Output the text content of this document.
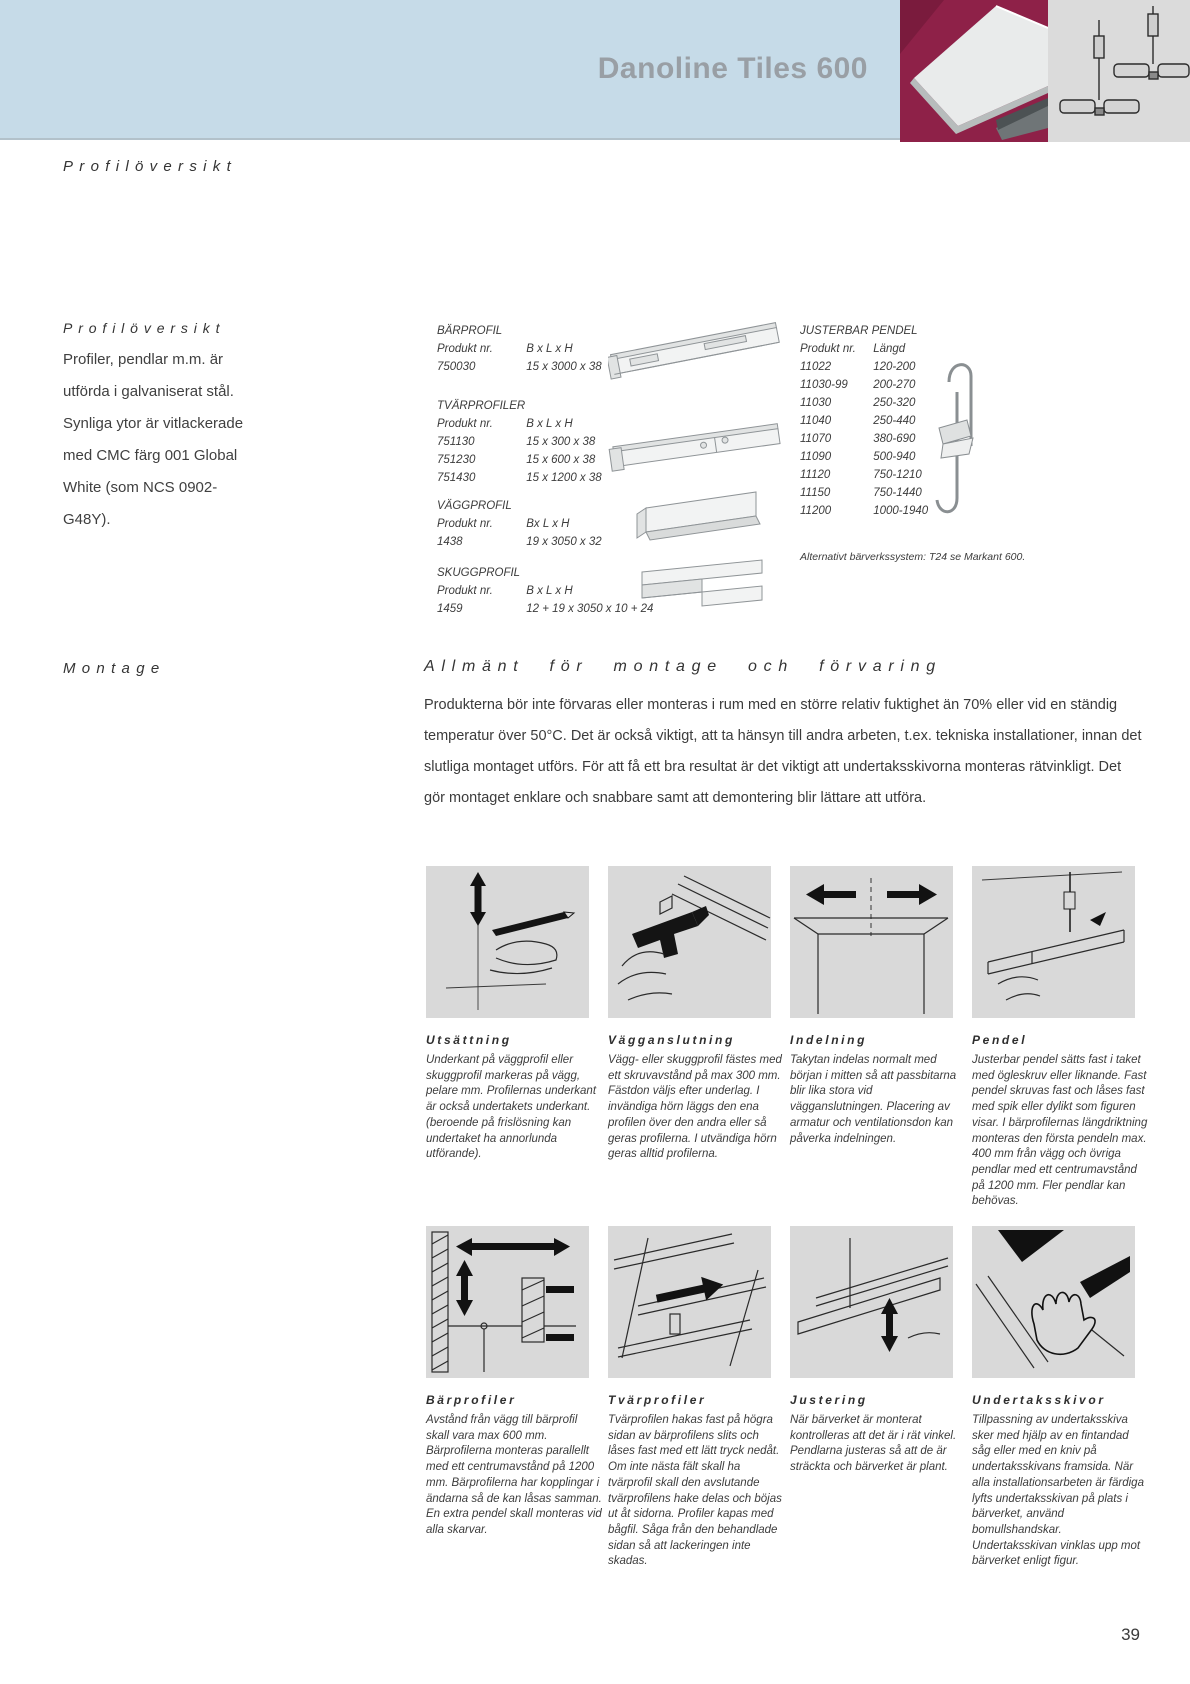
Danoline Tiles 600
Profilöversikt
Profilöversikt
Profiler, pendlar m.m. är
utförda i galvaniserat stål.
Synliga ytor är vitlackerade
med CMC färg 001 Global
White (som NCS 0902-
G48Y).
BÄRPROFIL
Produkt nr.	B x L x H
750030	15 x 3000 x 38
TVÄRPROFILER
Produkt nr.	B x L x H
751130	15 x 300 x 38
751230	15 x 600 x 38
751430	15 x 1200 x 38
VÄGGPROFIL
Produkt nr.	Bx L x H
1438	19 x 3050 x 32
SKUGGPROFIL
Produkt nr.	B x L x H
1459	12 + 19 x 3050 x 10 + 24
JUSTERBAR PENDEL
Produkt nr. Längd
11022	120-200
11030-99 200-270
11030	250-320
11040	250-440
11070	380-690
11090	500-940
11120	750-1210
11150	750-1440
11200	1000-1940
Alternativt bärverkssystem: T24 se Markant 600.
Montage	Allmänt för montage och förvaring
Produkterna bör inte förvaras eller monteras i rum med en större relativ fuktighet än 70% eller vid en ständig temperatur över 50°C. Det är också viktigt, att ta hänsyn till andra arbeten, t.ex. tekniska installationer, innan det slutliga montaget utförs. För att få ett bra resultat är det viktigt att undertaksskivorna monteras rätvinkligt. Det gör montaget enklare och snabbare samt att demontering blir lättare att utföra.
Utsättning
Underkant på väggprofil eller skuggprofil markeras på vägg, pelare mm. Profilernas underkant är också undertakets underkant. (beroende på frislösning kan undertaket ha annorlunda utförande).
Vägganslutning
Vägg- eller skuggprofil fästes med ett skruvavstånd på max 300 mm. Fästdon väljs efter underlag. I invändiga hörn läggs den ena profilen över den andra eller så geras profilerna. I utvändiga hörn geras alltid profilerna.
Indelning
Takytan indelas normalt med början i mitten så att passbitarna blir lika stora vid vägganslutningen. Placering av armatur och ventilationsdon kan påverka indelningen.
Pendel
Justerbar pendel sätts fast i taket med ögleskruv eller liknande. Fast pendel skruvas fast och låses fast med spik eller dylikt som figuren visar. I bärprofilernas längdriktning monteras den första pendeln max. 400 mm från vägg och övriga pendlar med ett centrumavstånd på 1200 mm. Fler pendlar kan behövas.
Bärprofiler
Avstånd från vägg till bärprofil skall vara max 600 mm. Bärprofilerna monteras parallellt med ett centrumavstånd på 1200 mm. Bärprofilerna har kopplingar i ändarna så de kan låsas samman. En extra pendel skall monteras vid alla skarvar.
Tvärprofiler
Tvärprofilen hakas fast på högra sidan av bärprofilens slits och låses fast med ett lätt tryck nedåt. Om inte nästa fält skall ha tvärprofil skall den avslutande tvärprofilens hake delas och böjas ut åt sidorna. Profiler kapas med bågfil. Såga från den behandlade sidan så att lackeringen inte skadas.
Justering
När bärverket är monterat kontrolleras att det är i rät vinkel. Pendlarna justeras så att de är sträckta och bärverket är plant.
Undertaksskivor
Tillpassning av undertaksskiva sker med hjälp av en fintandad såg eller med en kniv på undertaksskivans framsida. När alla installationsarbeten är färdiga lyfts undertaksskivan på plats i bärverket, använd bomullshandskar. Undertaksskivan vinklas upp mot bärverket enligt figur.
39
